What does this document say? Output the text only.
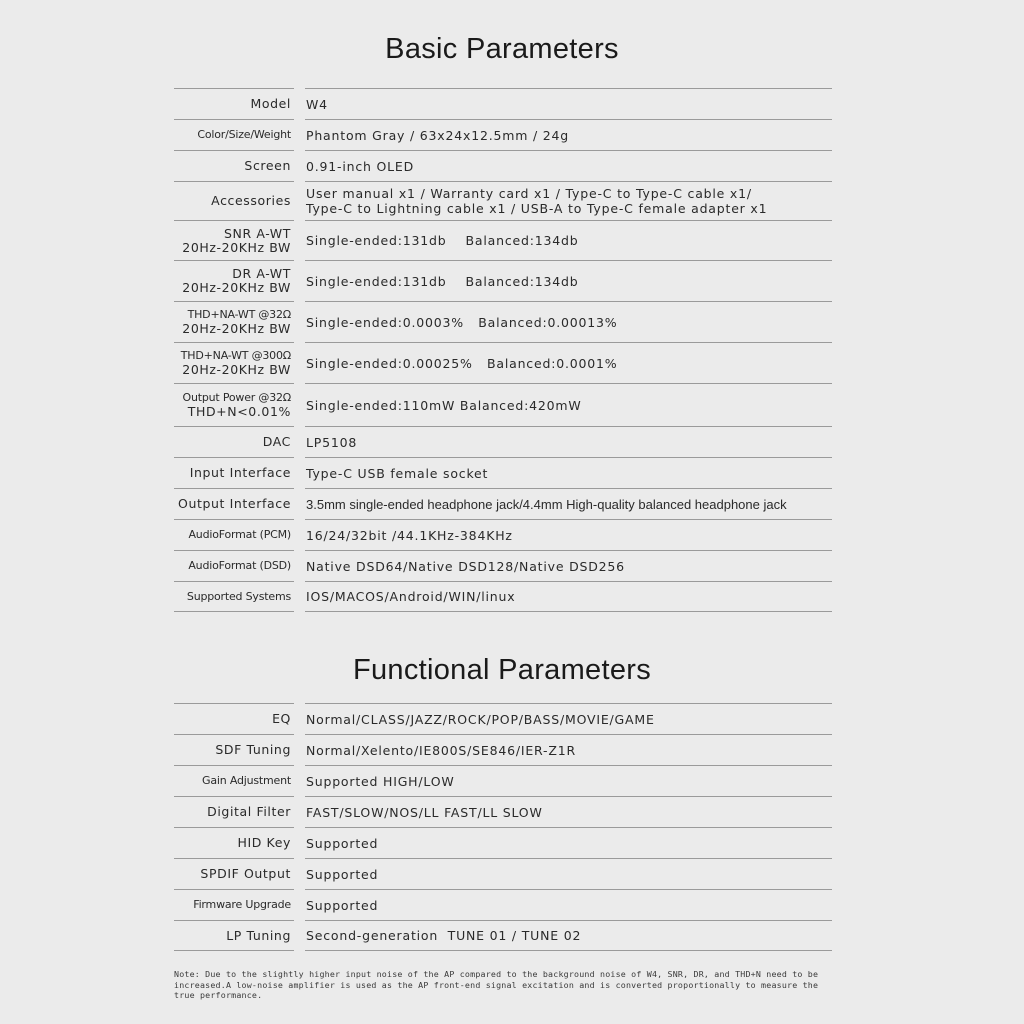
Basic Parameters
Model W4
Color/Size/Weight Phantom Gray / 63x24x12.5mm / 24g
Screen 0.91-inch OLED
Accessories User manual x1 / Warranty card x1 / Type-C to Type-C cable x1/
Type-C to Lightning cable x1 / USB-A to Type-C female adapter x1
SNR A-WT
20Hz-20KHz BW Single-ended:131db    Balanced:134db
DR A-WT
20Hz-20KHz BW Single-ended:131db    Balanced:134db
THD+NA-WT @32Ω
20Hz-20KHz BW Single-ended:0.0003%   Balanced:0.00013%
THD+NA-WT @300Ω
20Hz-20KHz BW Single-ended:0.00025%   Balanced:0.0001%
Output Power @32Ω
THD+N<0.01% Single-ended:110mW Balanced:420mW
DAC LP5108
Input Interface Type-C USB female socket
Output Interface 3.5mm single-ended headphone jack/4.4mm High-quality balanced headphone jack
AudioFormat (PCM) 16/24/32bit /44.1KHz-384KHz
AudioFormat (DSD) Native DSD64/Native DSD128/Native DSD256
Supported Systems IOS/MACOS/Android/WIN/linux
Functional Parameters
EQ Normal/CLASS/JAZZ/ROCK/POP/BASS/MOVIE/GAME
SDF Tuning Normal/Xelento/IE800S/SE846/IER-Z1R
Gain Adjustment Supported HIGH/LOW
Digital Filter FAST/SLOW/NOS/LL FAST/LL SLOW
HID Key Supported
SPDIF Output Supported
Firmware Upgrade Supported
LP Tuning Second-generation  TUNE 01 / TUNE 02
Note: Due to the slightly higher input noise of the AP compared to the background noise of W4, SNR, DR, and THD+N need to be increased.A low-noise amplifier is used as the AP front-end signal excitation and is converted proportionally to measure the true performance.
